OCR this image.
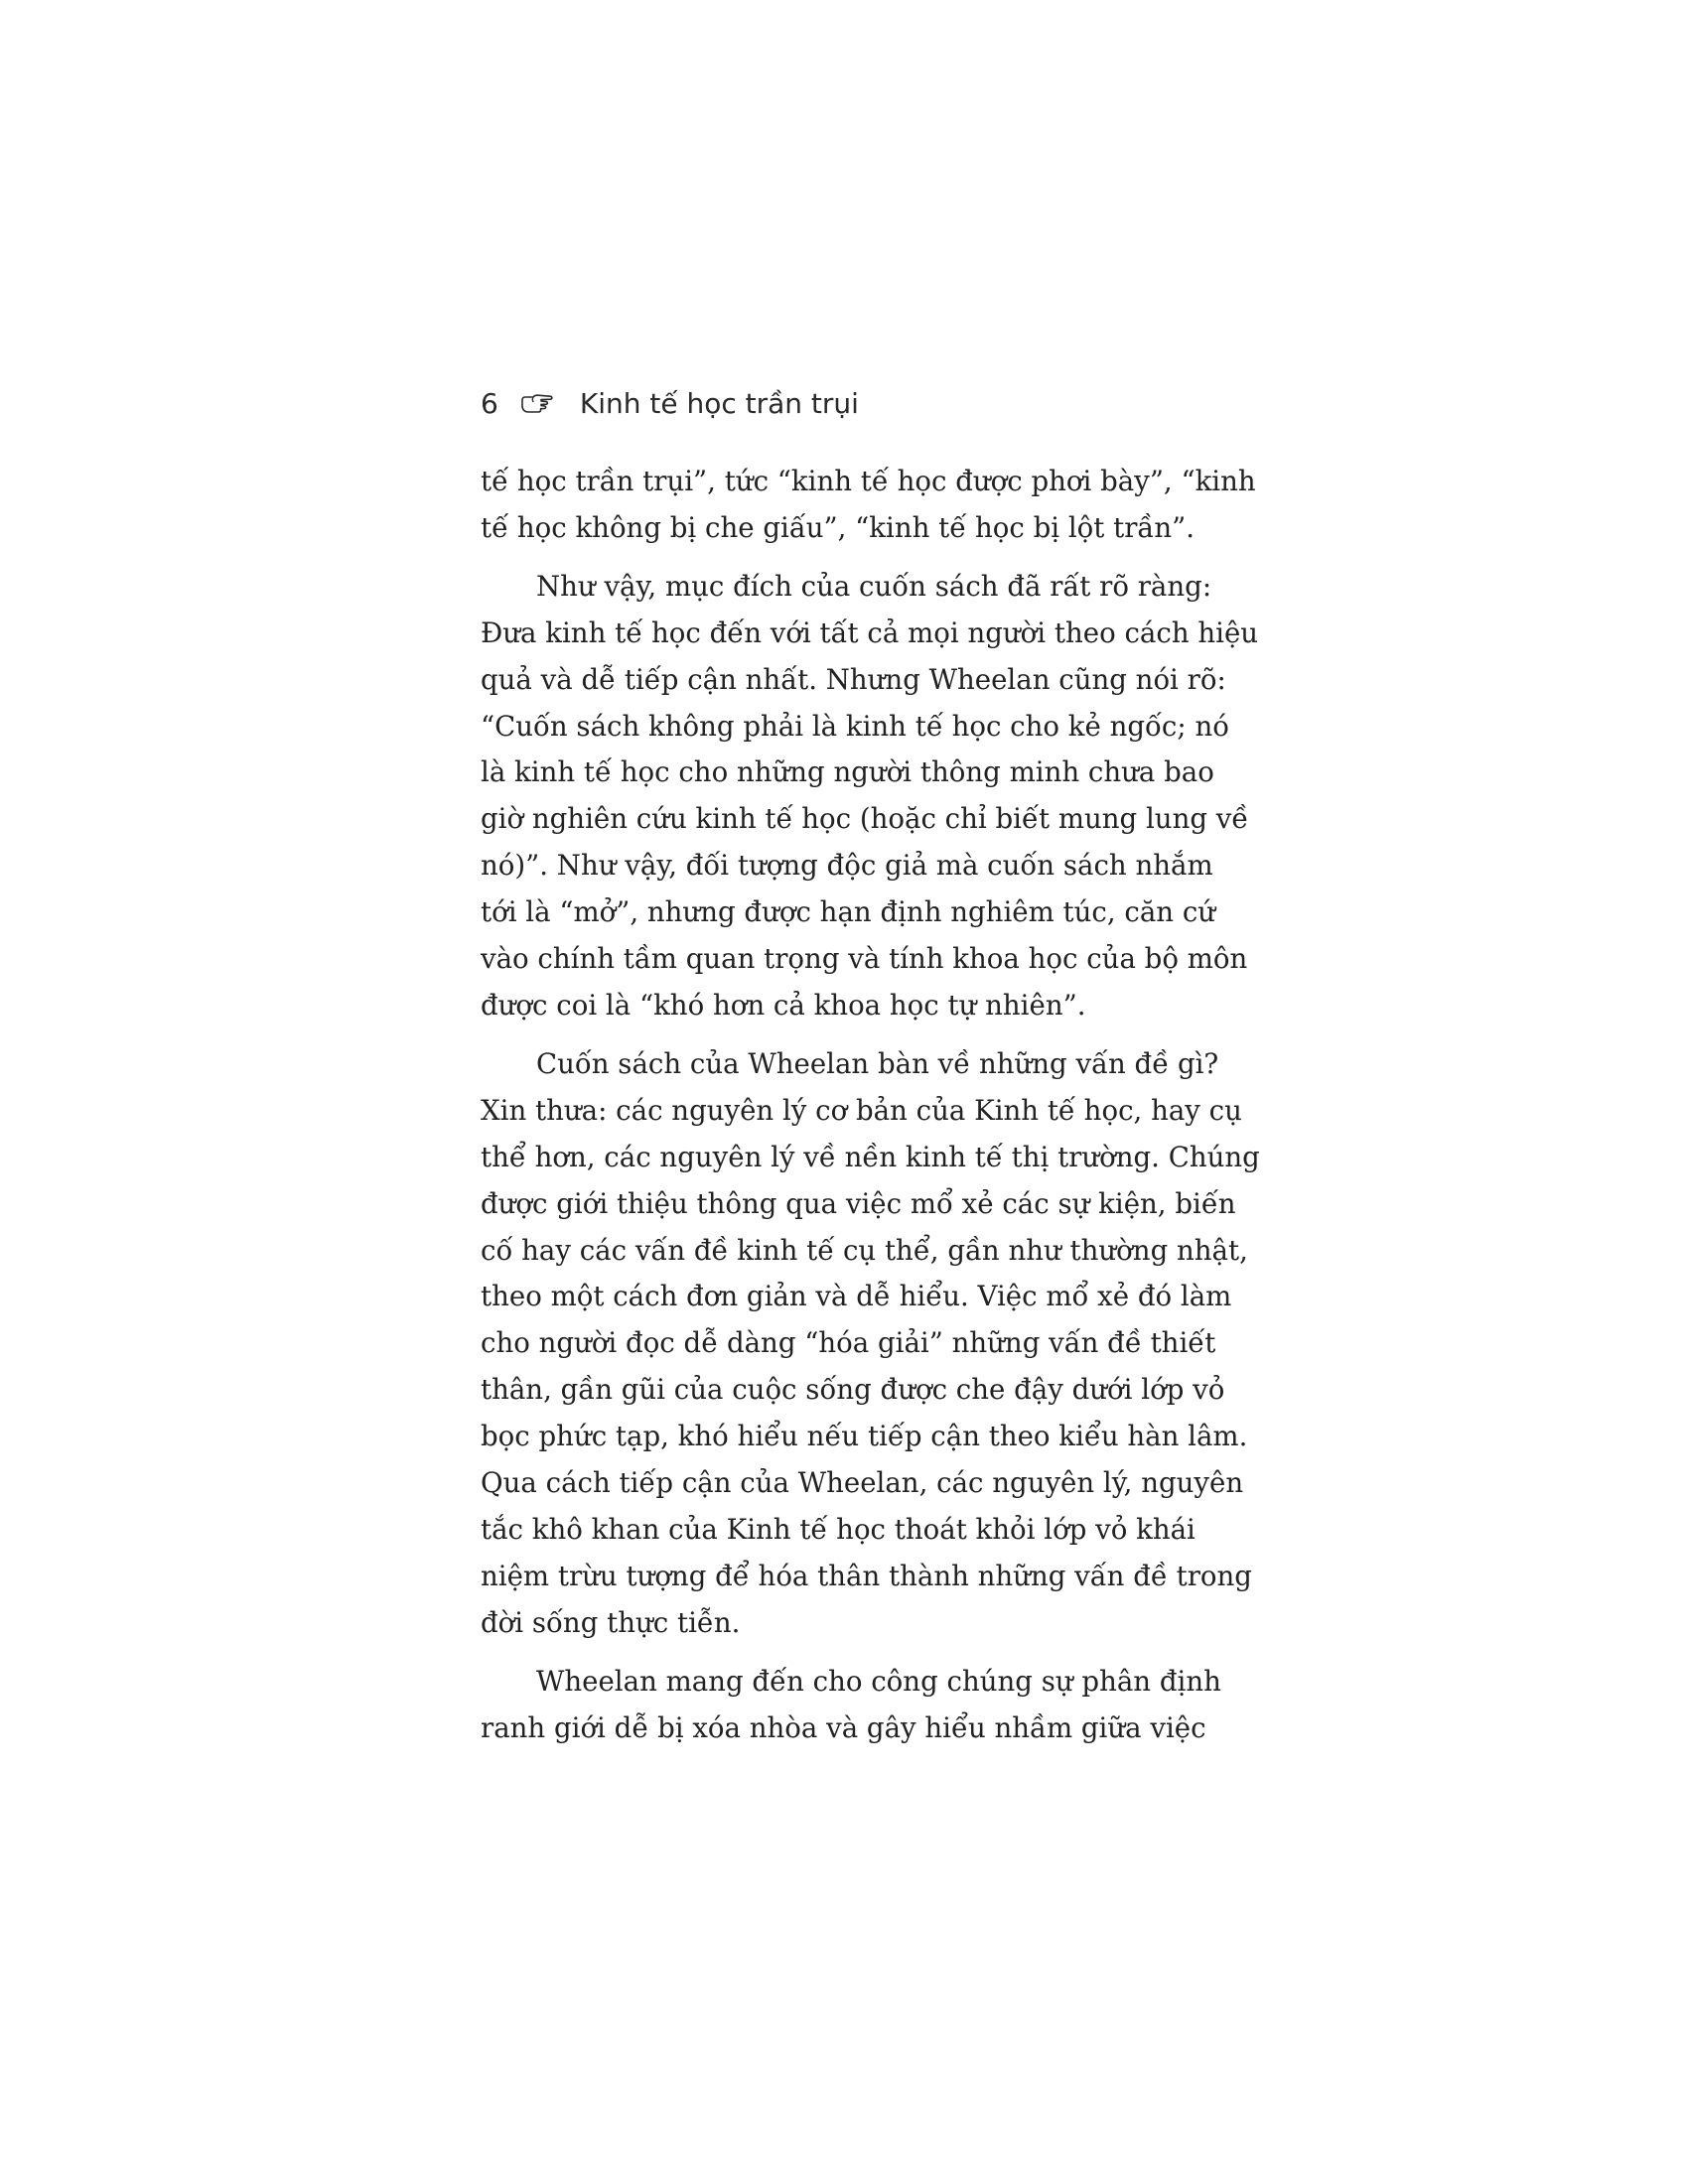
6	Kinh tế học trần trụi
tế học trần trụi”, tức “kinh tế học được phơi bày”, “kinh
tế học không bị che giấu”, “kinh tế học bị lột trần”.
Như vậy, mục đích của cuốn sách đã rất rõ ràng:
Đưa kinh tế học đến với tất cả mọi người theo cách hiệu
quả và dễ tiếp cận nhất. Nhưng Wheelan cũng nói rõ:
“Cuốn sách không phải là kinh tế học cho kẻ ngốc; nó
là kinh tế học cho những người thông minh chưa bao
giờ nghiên cứu kinh tế học (hoặc chỉ biết mung lung về
nó)”. Như vậy, đối tượng độc giả mà cuốn sách nhắm
tới là “mở”, nhưng được hạn định nghiêm túc, căn cứ
vào chính tầm quan trọng và tính khoa học của bộ môn
được coi là “khó hơn cả khoa học tự nhiên”.
Cuốn sách của Wheelan bàn về những vấn đề gì?
Xin thưa: các nguyên lý cơ bản của Kinh tế học, hay cụ
thể hơn, các nguyên lý về nền kinh tế thị trường. Chúng
được giới thiệu thông qua việc mổ xẻ các sự kiện, biến
cố hay các vấn đề kinh tế cụ thể, gần như thường nhật,
theo một cách đơn giản và dễ hiểu. Việc mổ xẻ đó làm
cho người đọc dễ dàng “hóa giải” những vấn đề thiết
thân, gần gũi của cuộc sống được che đậy dưới lớp vỏ
bọc phức tạp, khó hiểu nếu tiếp cận theo kiểu hàn lâm.
Qua cách tiếp cận của Wheelan, các nguyên lý, nguyên
tắc khô khan của Kinh tế học thoát khỏi lớp vỏ khái
niệm trừu tượng để hóa thân thành những vấn đề trong
đời sống thực tiễn.
Wheelan mang đến cho công chúng sự phân định
ranh giới dễ bị xóa nhòa và gây hiểu nhầm giữa việc
